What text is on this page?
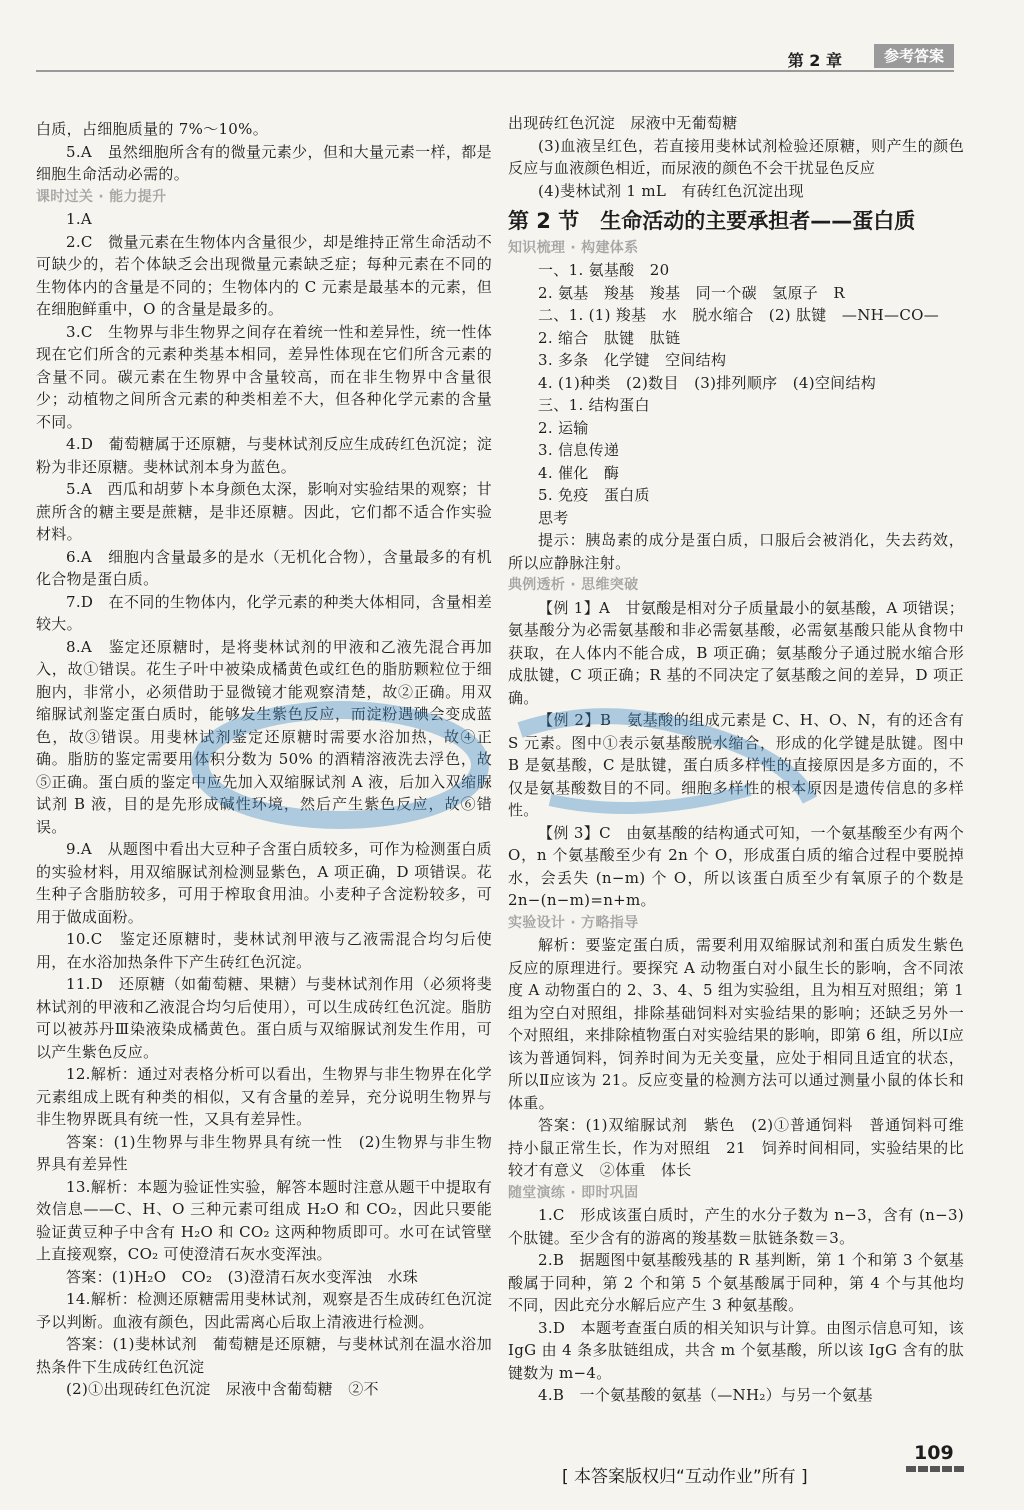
第 2 章	参考答案

白质，占细胞质量的 7%～10%。

5.A　虽然细胞所含有的微量元素少，但和大量元素一样，都是细胞生命活动必需的。

课时过关 · 能力提升

1.A

2.C　微量元素在生物体内含量很少，却是维持正常生命活动不可缺少的，若个体缺乏会出现微量元素缺乏症；每种元素在不同的生物体内的含量是不同的；生物体内的 C 元素是最基本的元素，但在细胞鲜重中，O 的含量是最多的。

3.C　生物界与非生物界之间存在着统一性和差异性，统一性体现在它们所含的元素种类基本相同，差异性体现在它们所含元素的含量不同。碳元素在生物界中含量较高，而在非生物界中含量很少；动植物之间所含元素的种类相差不大，但各种化学元素的含量不同。

4.D　葡萄糖属于还原糖，与斐林试剂反应生成砖红色沉淀；淀粉为非还原糖。斐林试剂本身为蓝色。

5.A　西瓜和胡萝卜本身颜色太深，影响对实验结果的观察；甘蔗所含的糖主要是蔗糖，是非还原糖。因此，它们都不适合作实验材料。

6.A　细胞内含量最多的是水（无机化合物），含量最多的有机化合物是蛋白质。

7.D　在不同的生物体内，化学元素的种类大体相同，含量相差较大。

8.A　鉴定还原糖时，是将斐林试剂的甲液和乙液先混合再加入，故①错误。花生子叶中被染成橘黄色或红色的脂肪颗粒位于细胞内，非常小，必须借助于显微镜才能观察清楚，故②正确。用双缩脲试剂鉴定蛋白质时，能够发生紫色反应，而淀粉遇碘会变成蓝色，故③错误。用斐林试剂鉴定还原糖时需要水浴加热，故④正确。脂肪的鉴定需要用体积分数为 50% 的酒精溶液洗去浮色，故⑤正确。蛋白质的鉴定中应先加入双缩脲试剂 A 液，后加入双缩脲试剂 B 液，目的是先形成碱性环境，然后产生紫色反应，故⑥错误。

9.A　从题图中看出大豆种子含蛋白质较多，可作为检测蛋白质的实验材料，用双缩脲试剂检测显紫色，A 项正确，D 项错误。花生种子含脂肪较多，可用于榨取食用油。小麦种子含淀粉较多，可用于做成面粉。

10.C　鉴定还原糖时，斐林试剂甲液与乙液需混合均匀后使用，在水浴加热条件下产生砖红色沉淀。

11.D　还原糖（如葡萄糖、果糖）与斐林试剂作用（必须将斐林试剂的甲液和乙液混合均匀后使用），可以生成砖红色沉淀。脂肪可以被苏丹Ⅲ染液染成橘黄色。蛋白质与双缩脲试剂发生作用，可以产生紫色反应。

12.解析：通过对表格分析可以看出，生物界与非生物界在化学元素组成上既有种类的相似，又有含量的差异，充分说明生物界与非生物界既具有统一性，又具有差异性。

答案：(1)生物界与非生物界具有统一性　(2)生物界与非生物界具有差异性

13.解析：本题为验证性实验，解答本题时注意从题干中提取有效信息——C、H、O 三种元素可组成 H₂O 和 CO₂，因此只要能验证黄豆种子中含有 H₂O 和 CO₂ 这两种物质即可。水可在试管壁上直接观察，CO₂ 可使澄清石灰水变浑浊。

答案：(1)H₂O　CO₂　(3)澄清石灰水变浑浊　水珠

14.解析：检测还原糖需用斐林试剂，观察是否生成砖红色沉淀予以判断。血液有颜色，因此需离心后取上清液进行检测。

答案：(1)斐林试剂　葡萄糖是还原糖，与斐林试剂在温水浴加热条件下生成砖红色沉淀

(2)①出现砖红色沉淀　尿液中含葡萄糖　②不

出现砖红色沉淀　尿液中无葡萄糖

(3)血液呈红色，若直接用斐林试剂检验还原糖，则产生的颜色反应与血液颜色相近，而尿液的颜色不会干扰显色反应

(4)斐林试剂 1 mL　有砖红色沉淀出现

第 2 节　生命活动的主要承担者——蛋白质

知识梳理 · 构建体系

一、1. 氨基酸　20

2. 氨基　羧基　羧基　同一个碳　氢原子　R

二、1. (1) 羧基　水　脱水缩合　(2) 肽键　—NH—CO—

2. 缩合　肽键　肽链

3. 多条　化学键　空间结构

4. (1)种类　(2)数目　(3)排列顺序　(4)空间结构

三、1. 结构蛋白

2. 运输

3. 信息传递

4. 催化　酶

5. 免疫　蛋白质

思考

提示：胰岛素的成分是蛋白质，口服后会被消化，失去药效，所以应静脉注射。

典例透析 · 思维突破

【例 1】A　甘氨酸是相对分子质量最小的氨基酸，A 项错误；氨基酸分为必需氨基酸和非必需氨基酸，必需氨基酸只能从食物中获取，在人体内不能合成，B 项正确；氨基酸分子通过脱水缩合形成肽键，C 项正确；R 基的不同决定了氨基酸之间的差异，D 项正确。

【例 2】B　氨基酸的组成元素是 C、H、O、N，有的还含有 S 元素。图中①表示氨基酸脱水缩合，形成的化学键是肽键。图中 B 是氨基酸，C 是肽键，蛋白质多样性的直接原因是多方面的，不仅是氨基酸数目的不同。细胞多样性的根本原因是遗传信息的多样性。

【例 3】C　由氨基酸的结构通式可知，一个氨基酸至少有两个 O，n 个氨基酸至少有 2n 个 O，形成蛋白质的缩合过程中要脱掉水，会丢失 (n−m) 个 O，所以该蛋白质至少有氧原子的个数是 2n−(n−m)=n+m。

实验设计 · 方略指导

解析：要鉴定蛋白质，需要利用双缩脲试剂和蛋白质发生紫色反应的原理进行。要探究 A 动物蛋白对小鼠生长的影响，含不同浓度 A 动物蛋白的 2、3、4、5 组为实验组，且为相互对照组；第 1 组为空白对照组，排除基础饲料对实验结果的影响；还缺乏另外一个对照组，来排除植物蛋白对实验结果的影响，即第 6 组，所以Ⅰ应该为普通饲料，饲养时间为无关变量，应处于相同且适宜的状态，所以Ⅱ应该为 21。反应变量的检测方法可以通过测量小鼠的体长和体重。

答案：(1)双缩脲试剂　紫色　(2)①普通饲料　普通饲料可维持小鼠正常生长，作为对照组　21　饲养时间相同，实验结果的比较才有意义　②体重　体长

随堂演练 · 即时巩固

1.C　形成该蛋白质时，产生的水分子数为 n−3，含有 (n−3) 个肽键。至少含有的游离的羧基数＝肽链条数＝3。

2.B　据题图中氨基酸残基的 R 基判断，第 1 个和第 3 个氨基酸属于同种，第 2 个和第 5 个氨基酸属于同种，第 4 个与其他均不同，因此充分水解后应产生 3 种氨基酸。

3.D　本题考查蛋白质的相关知识与计算。由图示信息可知，该 IgG 由 4 条多肽链组成，共含 m 个氨基酸，所以该 IgG 含有的肽键数为 m−4。

4.B　一个氨基酸的氨基（—NH₂）与另一个氨基

[ 本答案版权归“互动作业”所有 ]
109
